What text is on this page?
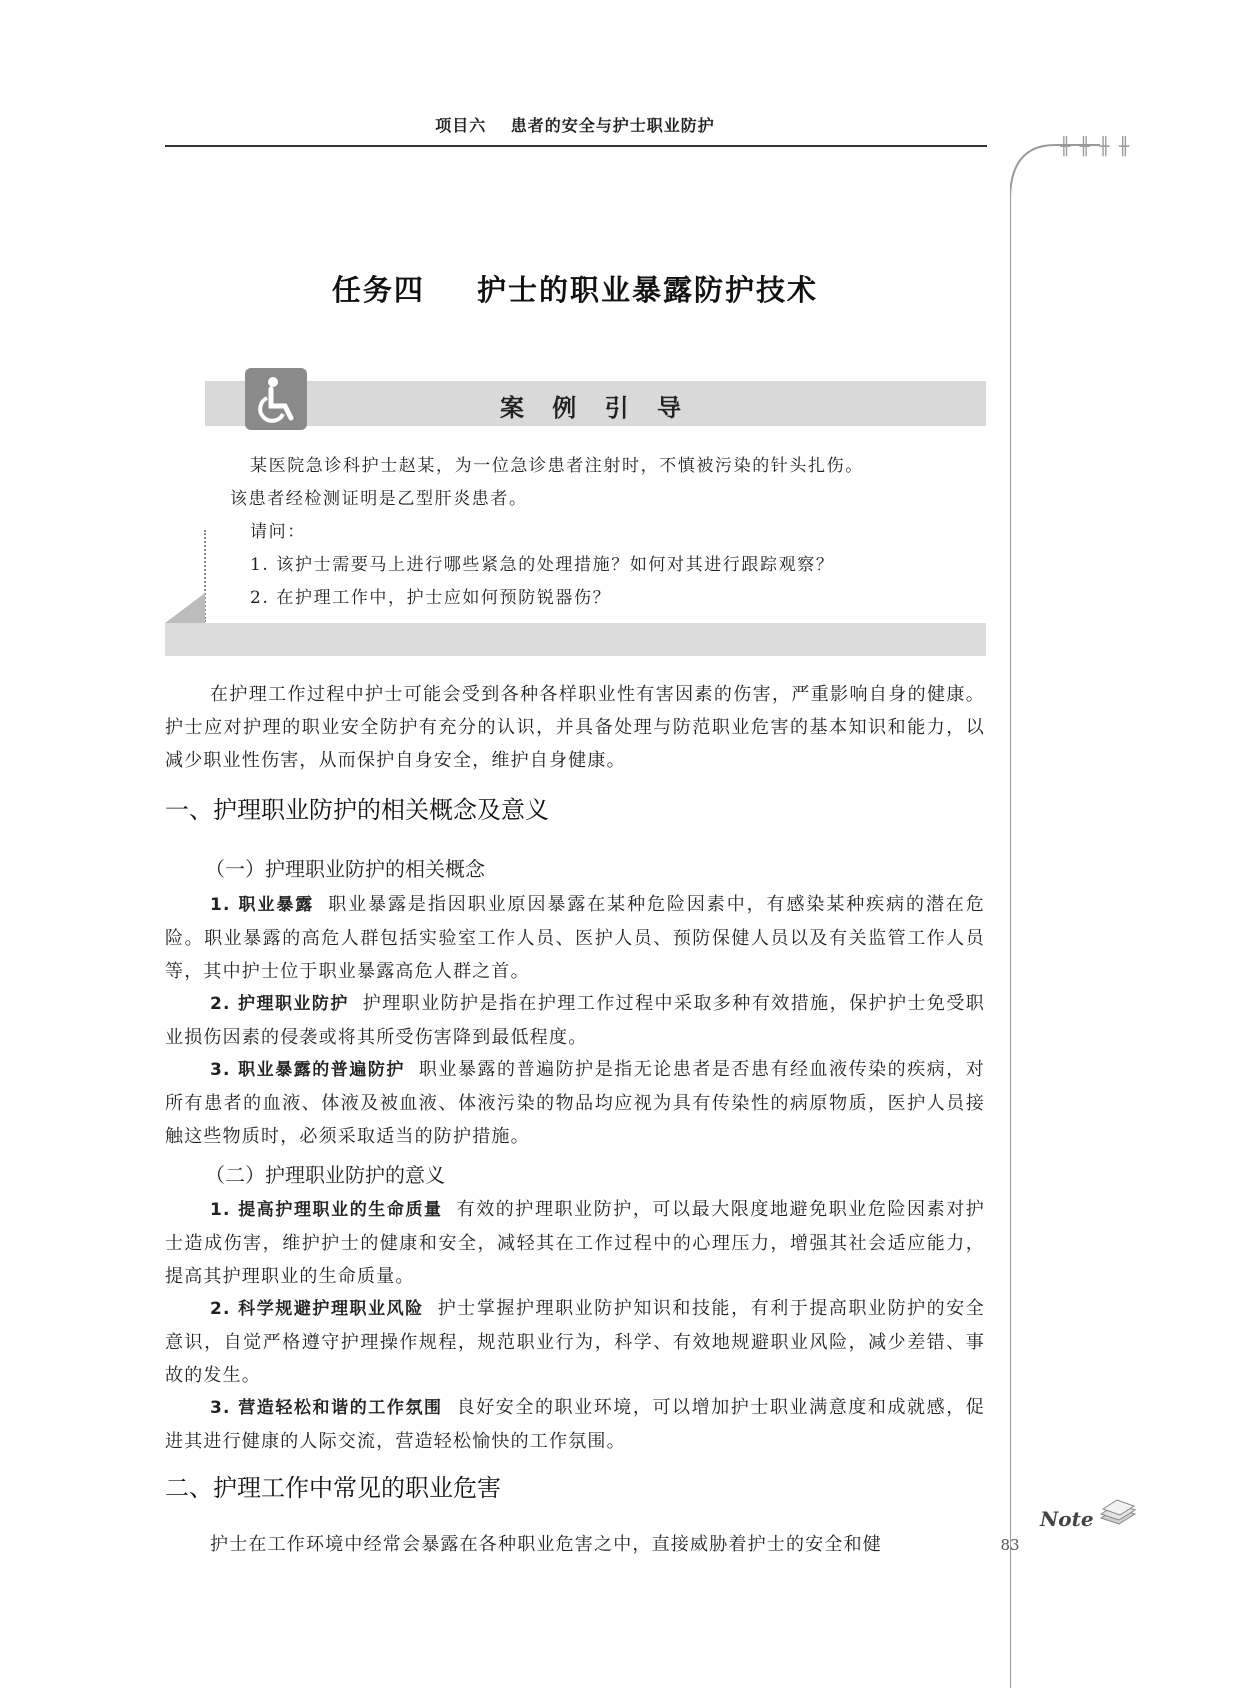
项目六 患者的安全与护士职业防护
╫ ╫ ╫ ╫
任务四 护士的职业暴露防护技术
案 例 引 导

某医院急诊科护士赵某，为一位急诊患者注射时，不慎被污染的针头扎伤。

该患者经检测证明是乙型肝炎患者。

请问：

1. 该护士需要马上进行哪些紧急的处理措施？如何对其进行跟踪观察？

2. 在护理工作中，护士应如何预防锐器伤？

在护理工作过程中护士可能会受到各种各样职业性有害因素的伤害，严重影响自身的健康。护士应对护理的职业安全防护有充分的认识，并具备处理与防范职业危害的基本知识和能力，以减少职业性伤害，从而保护自身安全，维护自身健康。

一、护理职业防护的相关概念及意义
（一）护理职业防护的相关概念

1. 职业暴露 职业暴露是指因职业原因暴露在某种危险因素中，有感染某种疾病的潜在危险。职业暴露的高危人群包括实验室工作人员、医护人员、预防保健人员以及有关监管工作人员等，其中护士位于职业暴露高危人群之首。

2. 护理职业防护 护理职业防护是指在护理工作过程中采取多种有效措施，保护护士免受职业损伤因素的侵袭或将其所受伤害降到最低程度。

3. 职业暴露的普遍防护 职业暴露的普遍防护是指无论患者是否患有经血液传染的疾病，对所有患者的血液、体液及被血液、体液污染的物品均应视为具有传染性的病原物质，医护人员接触这些物质时，必须采取适当的防护措施。

（二）护理职业防护的意义

1. 提高护理职业的生命质量 有效的护理职业防护，可以最大限度地避免职业危险因素对护士造成伤害，维护护士的健康和安全，减轻其在工作过程中的心理压力，增强其社会适应能力，提高其护理职业的生命质量。

2. 科学规避护理职业风险 护士掌握护理职业防护知识和技能，有利于提高职业防护的安全意识，自觉严格遵守护理操作规程，规范职业行为，科学、有效地规避职业风险，减少差错、事故的发生。

3. 营造轻松和谐的工作氛围 良好安全的职业环境，可以增加护士职业满意度和成就感，促进其进行健康的人际交流，营造轻松愉快的工作氛围。

二、护理工作中常见的职业危害

护士在工作环境中经常会暴露在各种职业危害之中，直接威胁着护士的安全和健

Note
83
